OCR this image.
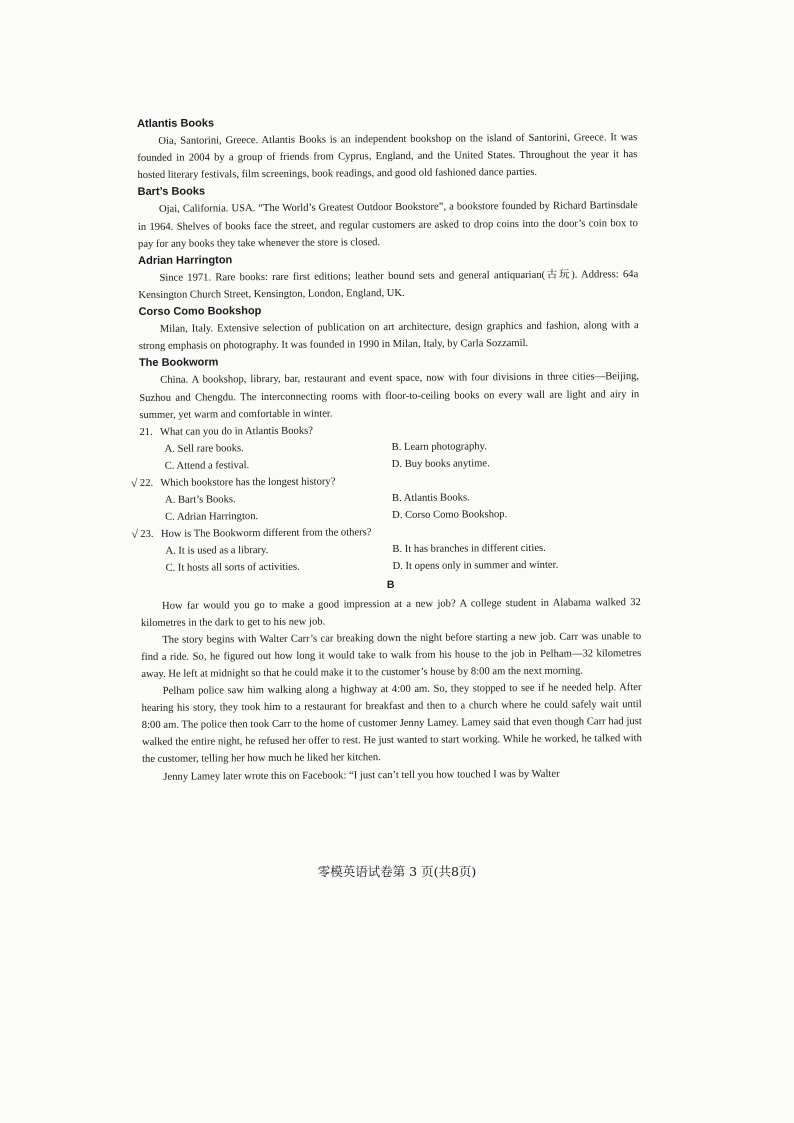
Atlantis Books

Oia, Santorini, Greece. Atlantis Books is an independent bookshop on the island of Santorini, Greece. It was founded in 2004 by a group of friends from Cyprus, England, and the United States. Throughout the year it has hosted literary festivals, film screenings, book readings, and good old fashioned dance parties.

Bart’s Books

Ojai, California. USA. “The World’s Greatest Outdoor Bookstore”, a bookstore founded by Richard Bartinsdale in 1964. Shelves of books face the street, and regular customers are asked to drop coins into the door’s coin box to pay for any books they take whenever the store is closed.

Adrian Harrington

Since 1971. Rare books: rare first editions; leather bound sets and general antiquarian(古玩). Address: 64a Kensington Church Street, Kensington, London, England, UK.

Corso Como Bookshop

Milan, Italy. Extensive selection of publication on art architecture, design graphics and fashion, along with a strong emphasis on photography. It was founded in 1990 in Milan, Italy, by Carla Sozzamil.

The Bookworm

China. A bookshop, library, bar, restaurant and event space, now with four divisions in three cities—Beijing, Suzhou and Chengdu. The interconnecting rooms with floor-to-ceiling books on every wall are light and airy in summer, yet warm and comfortable in winter.

21. What can you do in Atlantis Books?

A. Sell rare books.	B. Learn photography.
C. Attend a festival.	D. Buy books anytime.

√ 22. Which bookstore has the longest history?

A. Bart’s Books.	B. Atlantis Books.
C. Adrian Harrington.	D. Corso Como Bookshop.

√ 23. How is The Bookworm different from the others?

A. It is used as a library.	B. It has branches in different cities.
C. It hosts all sorts of activities.	D. It opens only in summer and winter.
B

How far would you go to make a good impression at a new job? A college student in Alabama walked 32 kilometres in the dark to get to his new job.

The story begins with Walter Carr’s car breaking down the night before starting a new job. Carr was unable to find a ride. So, he figured out how long it would take to walk from his house to the job in Pelham—32 kilometres away. He left at midnight so that he could make it to the customer’s house by 8:00 am the next morning.

Pelham police saw him walking along a highway at 4:00 am. So, they stopped to see if he needed help. After hearing his story, they took him to a restaurant for breakfast and then to a church where he could safely wait until 8:00 am. The police then took Carr to the home of customer Jenny Lamey. Lamey said that even though Carr had just walked the entire night, he refused her offer to rest. He just wanted to start working. While he worked, he talked with the customer, telling her how much he liked her kitchen.

Jenny Lamey later wrote this on Facebook: “I just can’t tell you how touched I was by Walter

零模英语试卷第 3 页(共8页)
